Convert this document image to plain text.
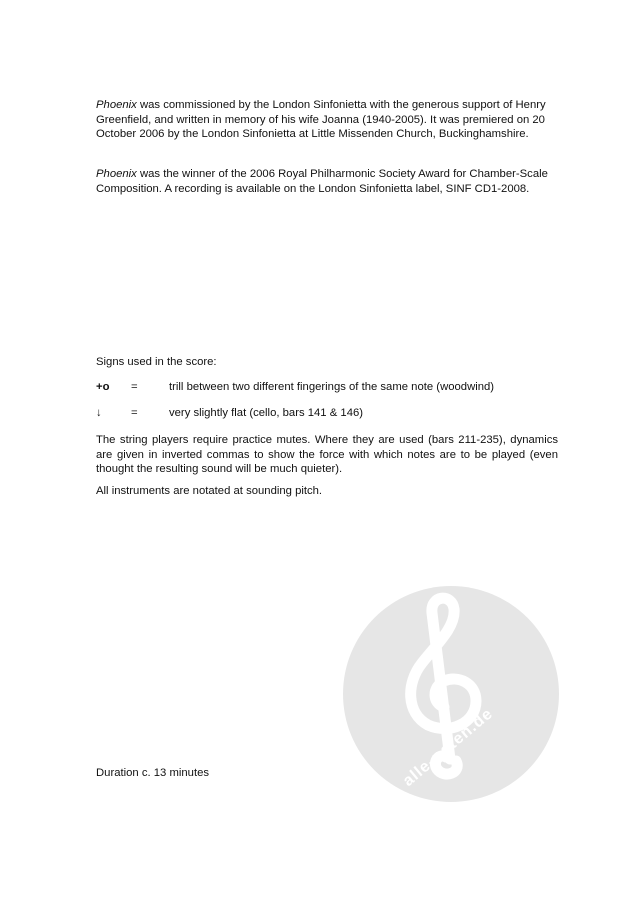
Phoenix was commissioned by the London Sinfonietta with the generous support of Henry Greenfield, and written in memory of his wife Joanna (1940-2005). It was premiered on 20 October 2006 by the London Sinfonietta at Little Missenden Church, Buckinghamshire.

Phoenix was the winner of the 2006 Royal Philharmonic Society Award for Chamber-Scale Composition. A recording is available on the London Sinfonietta label, SINF CD1-2008.

Signs used in the score:

+o	=	trill between two different fingerings of the same note (woodwind)
↓	=	very slightly flat (cello, bars 141 & 146)

The string players require practice mutes. Where they are used (bars 211-235), dynamics are given in inverted commas to show the force with which notes are to be played (even thought the resulting sound will be much quieter).

All instruments are notated at sounding pitch.

Duration c. 13 minutes	alle-noten.de
